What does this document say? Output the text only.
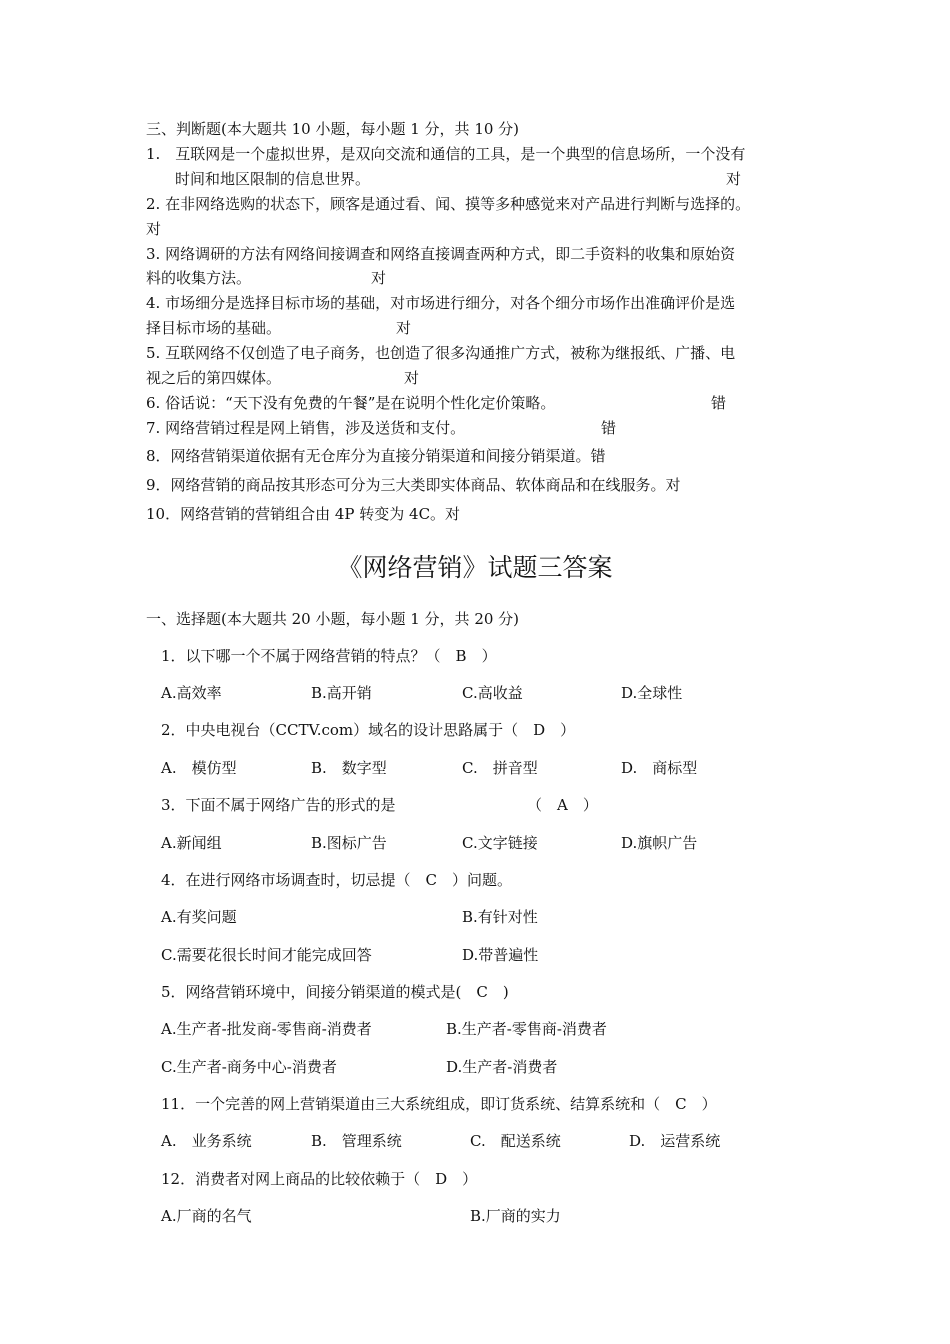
三、判断题(本大题共 10 小题，每小题 1 分，共 10 分)
1.　互联网是一个虚拟世界，是双向交流和通信的工具，是一个典型的信息场所，一个没有
时间和地区限制的信息世界。	对
2. 在非网络选购的状态下，顾客是通过看、闻、摸等多种感觉来对产品进行判断与选择的。
对
3. 网络调研的方法有网络间接调查和网络直接调查两种方式，即二手资料的收集和原始资
料的收集方法。	对
4. 市场细分是选择目标市场的基础，对市场进行细分，对各个细分市场作出准确评价是选
择目标市场的基础。	对
5. 互联网络不仅创造了电子商务，也创造了很多沟通推广方式，被称为继报纸、广播、电
视之后的第四媒体。	对
6. 俗话说：“天下没有免费的午餐”是在说明个性化定价策略。	错
7. 网络营销过程是网上销售，涉及送货和支付。	错
8．网络营销渠道依据有无仓库分为直接分销渠道和间接分销渠道。错
9．网络营销的商品按其形态可分为三大类即实体商品、软体商品和在线服务。对
10．网络营销的营销组合由 4P 转变为 4C。对
《网络营销》试题三答案
一、选择题(本大题共 20 小题，每小题 1 分，共 20 分)
1．以下哪一个不属于网络营销的特点？（　B　）
A.高效率	B.高开销	C.高收益	D.全球性
2．中央电视台（CCTV.com）域名的设计思路属于（　D　）
A.　模仿型	B.　数字型	C.　拼音型	D.　商标型
3．下面不属于网络广告的形式的是	（　A　）
A.新闻组	B.图标广告	C.文字链接	D.旗帜广告
4．在进行网络市场调查时，切忌提（　C　）问题。
A.有奖问题	B.有针对性
C.需要花很长时间才能完成回答	D.带普遍性
5．网络营销环境中，间接分销渠道的模式是(　C　)
A.生产者-批发商-零售商-消费者	B.生产者-零售商-消费者
C.生产者-商务中心-消费者	D.生产者-消费者
11．一个完善的网上营销渠道由三大系统组成，即订货系统、结算系统和（　C　）
A.　业务系统	B.　管理系统	C.　配送系统	D.　运营系统
12．消费者对网上商品的比较依赖于（　D　）
A.厂商的名气	B.厂商的实力
